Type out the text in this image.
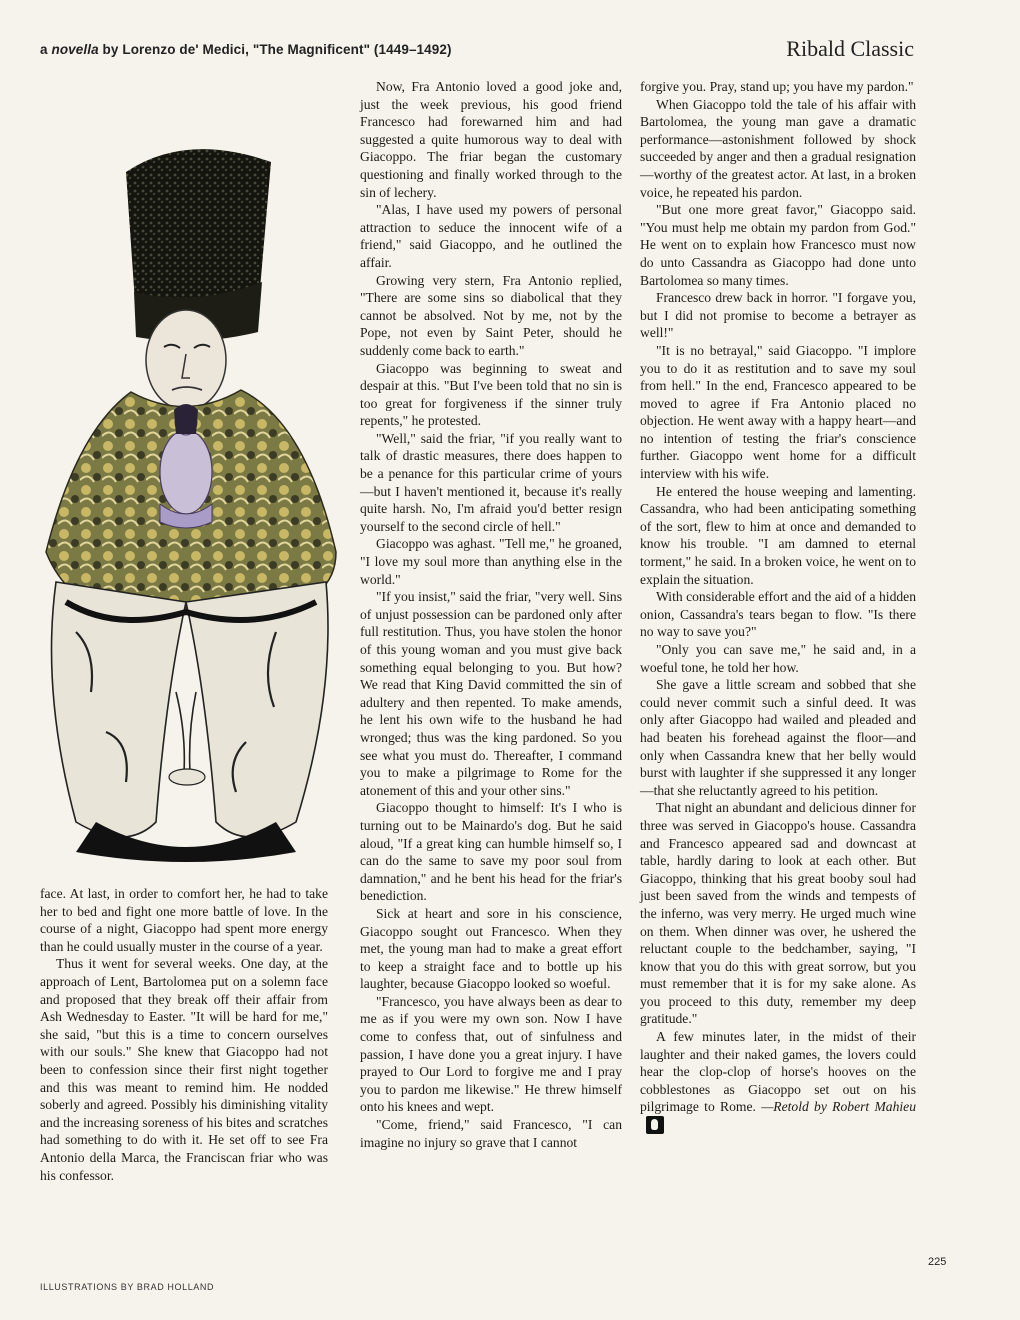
a novella by Lorenzo de' Medici, "The Magnificent" (1449–1492)	Ribald Classic

face. At last, in order to comfort her, he had to take her to bed and fight one more battle of love. In the course of a night, Giacoppo had spent more energy than he could usually muster in the course of a year.

Thus it went for several weeks. One day, at the approach of Lent, Bartolomea put on a solemn face and proposed that they break off their affair from Ash Wednesday to Easter. "It will be hard for me," she said, "but this is a time to concern ourselves with our souls." She knew that Giacoppo had not been to confession since their first night together and this was meant to remind him. He nodded soberly and agreed. Possibly his diminishing vitality and the increasing soreness of his bites and scratches had something to do with it. He set off to see Fra Antonio della Marca, the Franciscan friar who was his confessor.

Now, Fra Antonio loved a good joke and, just the week previous, his good friend Francesco had forewarned him and had suggested a quite humorous way to deal with Giacoppo. The friar began the customary questioning and finally worked through to the sin of lechery.

"Alas, I have used my powers of personal attraction to seduce the innocent wife of a friend," said Giacoppo, and he outlined the affair.

Growing very stern, Fra Antonio replied, "There are some sins so diabolical that they cannot be absolved. Not by me, not by the Pope, not even by Saint Peter, should he suddenly come back to earth."

Giacoppo was beginning to sweat and despair at this. "But I've been told that no sin is too great for forgiveness if the sinner truly repents," he protested.

"Well," said the friar, "if you really want to talk of drastic measures, there does happen to be a penance for this particular crime of yours—but I haven't mentioned it, because it's really quite harsh. No, I'm afraid you'd better resign yourself to the second circle of hell."

Giacoppo was aghast. "Tell me," he groaned, "I love my soul more than anything else in the world."

"If you insist," said the friar, "very well. Sins of unjust possession can be pardoned only after full restitution. Thus, you have stolen the honor of this young woman and you must give back something equal belonging to you. But how? We read that King David committed the sin of adultery and then repented. To make amends, he lent his own wife to the husband he had wronged; thus was the king pardoned. So you see what you must do. Thereafter, I command you to make a pilgrimage to Rome for the atonement of this and your other sins."

Giacoppo thought to himself: It's I who is turning out to be Mainardo's dog. But he said aloud, "If a great king can humble himself so, I can do the same to save my poor soul from damnation," and he bent his head for the friar's benediction.

Sick at heart and sore in his conscience, Giacoppo sought out Francesco. When they met, the young man had to make a great effort to keep a straight face and to bottle up his laughter, because Giacoppo looked so woeful.

"Francesco, you have always been as dear to me as if you were my own son. Now I have come to confess that, out of sinfulness and passion, I have done you a great injury. I have prayed to Our Lord to forgive me and I pray you to pardon me likewise." He threw himself onto his knees and wept.

"Come, friend," said Francesco, "I can imagine no injury so grave that I cannot

forgive you. Pray, stand up; you have my pardon."

When Giacoppo told the tale of his affair with Bartolomea, the young man gave a dramatic performance—astonishment followed by shock succeeded by anger and then a gradual resignation—worthy of the greatest actor. At last, in a broken voice, he repeated his pardon.

"But one more great favor," Giacoppo said. "You must help me obtain my pardon from God." He went on to explain how Francesco must now do unto Cassandra as Giacoppo had done unto Bartolomea so many times.

Francesco drew back in horror. "I forgave you, but I did not promise to become a betrayer as well!"

"It is no betrayal," said Giacoppo. "I implore you to do it as restitution and to save my soul from hell." In the end, Francesco appeared to be moved to agree if Fra Antonio placed no objection. He went away with a happy heart—and no intention of testing the friar's conscience further. Giacoppo went home for a difficult interview with his wife.

He entered the house weeping and lamenting. Cassandra, who had been anticipating something of the sort, flew to him at once and demanded to know his trouble. "I am damned to eternal torment," he said. In a broken voice, he went on to explain the situation.

With considerable effort and the aid of a hidden onion, Cassandra's tears began to flow. "Is there no way to save you?"

"Only you can save me," he said and, in a woeful tone, he told her how.

She gave a little scream and sobbed that she could never commit such a sinful deed. It was only after Giacoppo had wailed and pleaded and had beaten his forehead against the floor—and only when Cassandra knew that her belly would burst with laughter if she suppressed it any longer—that she reluctantly agreed to his petition.

That night an abundant and delicious dinner for three was served in Giacoppo's house. Cassandra and Francesco appeared sad and downcast at table, hardly daring to look at each other. But Giacoppo, thinking that his great booby soul had just been saved from the winds and tempests of the inferno, was very merry. He urged much wine on them. When dinner was over, he ushered the reluctant couple to the bedchamber, saying, "I know that you do this with great sorrow, but you must remember that it is for my sake alone. As you proceed to this duty, remember my deep gratitude."

A few minutes later, in the midst of their laughter and their naked games, the lovers could hear the clop-clop of horse's hooves on the cobblestones as Giacoppo set out on his pilgrimage to Rome. —Retold by Robert Mahieu

ILLUSTRATIONS BY BRAD HOLLAND
225
